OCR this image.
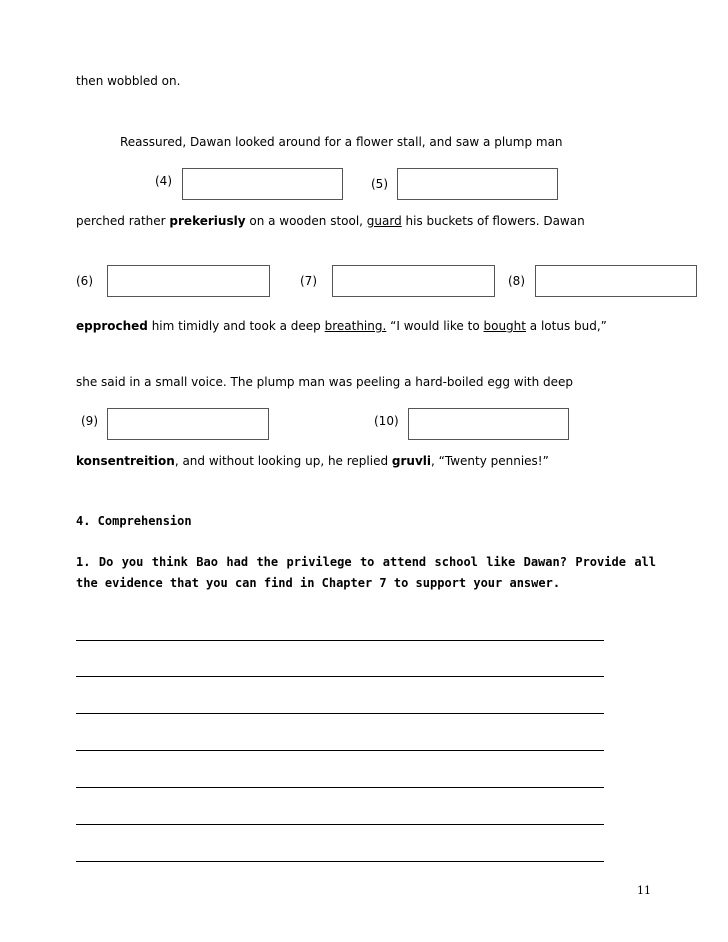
then wobbled on.
Reassured, Dawan looked around for a flower stall, and saw a plump man
(4)	(5)
perched rather prekeriusly on a wooden stool, guard his buckets of flowers. Dawan
(6)	(7)	(8)
epproched him timidly and took a deep breathing. “I would like to bought a lotus bud,”
she said in a small voice. The plump man was peeling a hard-boiled egg with deep
(9)	(10)
konsentreition, and without looking up, he replied gruvli, “Twenty pennies!”
4. Comprehension
1. Do you think Bao had the privilege to attend school like Dawan? Provide all the evidence that you can find in Chapter 7 to support your answer.
11
